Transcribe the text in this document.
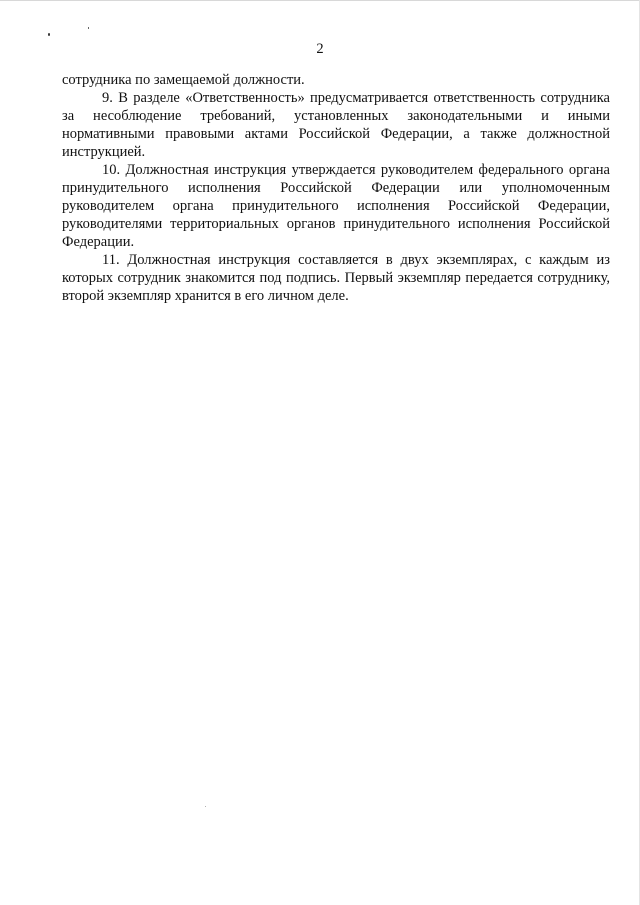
2

сотрудника по замещаемой должности.

9. В разделе «Ответственность» предусматривается ответственность сотрудника за несоблюдение требований, установленных законодательными и иными нормативными правовыми актами Российской Федерации, а также должностной инструкцией.

10. Должностная инструкция утверждается руководителем федерального органа принудительного исполнения Российской Федерации или уполномоченным руководителем органа принудительного исполнения Российской Федерации, руководителями территориальных органов принудительного исполнения Российской Федерации.

11. Должностная инструкция составляется в двух экземплярах, с каждым из которых сотрудник знакомится под подпись. Первый экземпляр передается сотруднику, второй экземпляр хранится в его личном деле.
